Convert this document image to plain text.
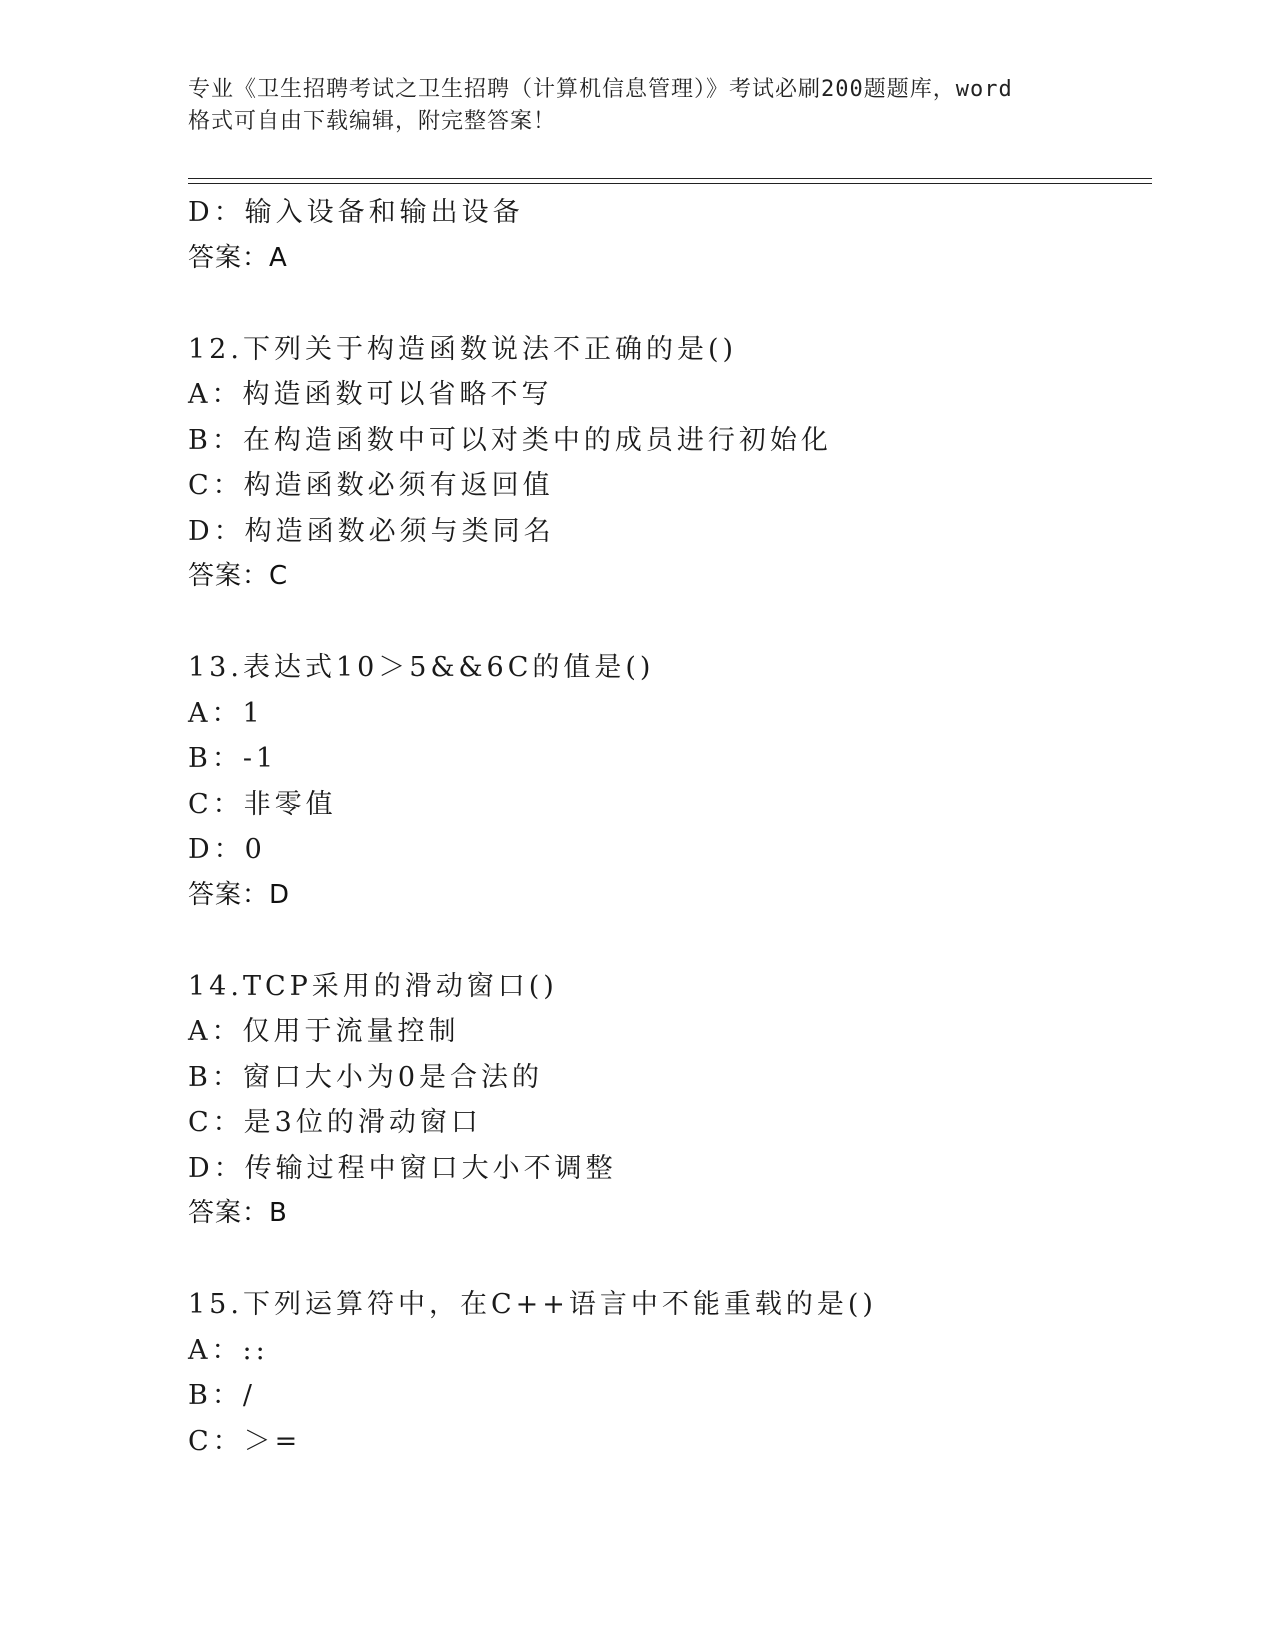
专业《卫生招聘考试之卫生招聘（计算机信息管理）》考试必刷200题题库，word
格式可自由下载编辑，附完整答案！
D：输入设备和输出设备
答案：A
12.下列关于构造函数说法不正确的是()
A：构造函数可以省略不写
B：在构造函数中可以对类中的成员进行初始化
C：构造函数必须有返回值
D：构造函数必须与类同名
答案：C
13.表达式10＞5&&6C的值是()
A：1
B：-1
C：非零值
D：0
答案：D
14.TCP采用的滑动窗口()
A：仅用于流量控制
B：窗口大小为0是合法的
C：是3位的滑动窗口
D：传输过程中窗口大小不调整
答案：B
15.下列运算符中，在C++语言中不能重载的是()
A：::
B：/
C：＞=
